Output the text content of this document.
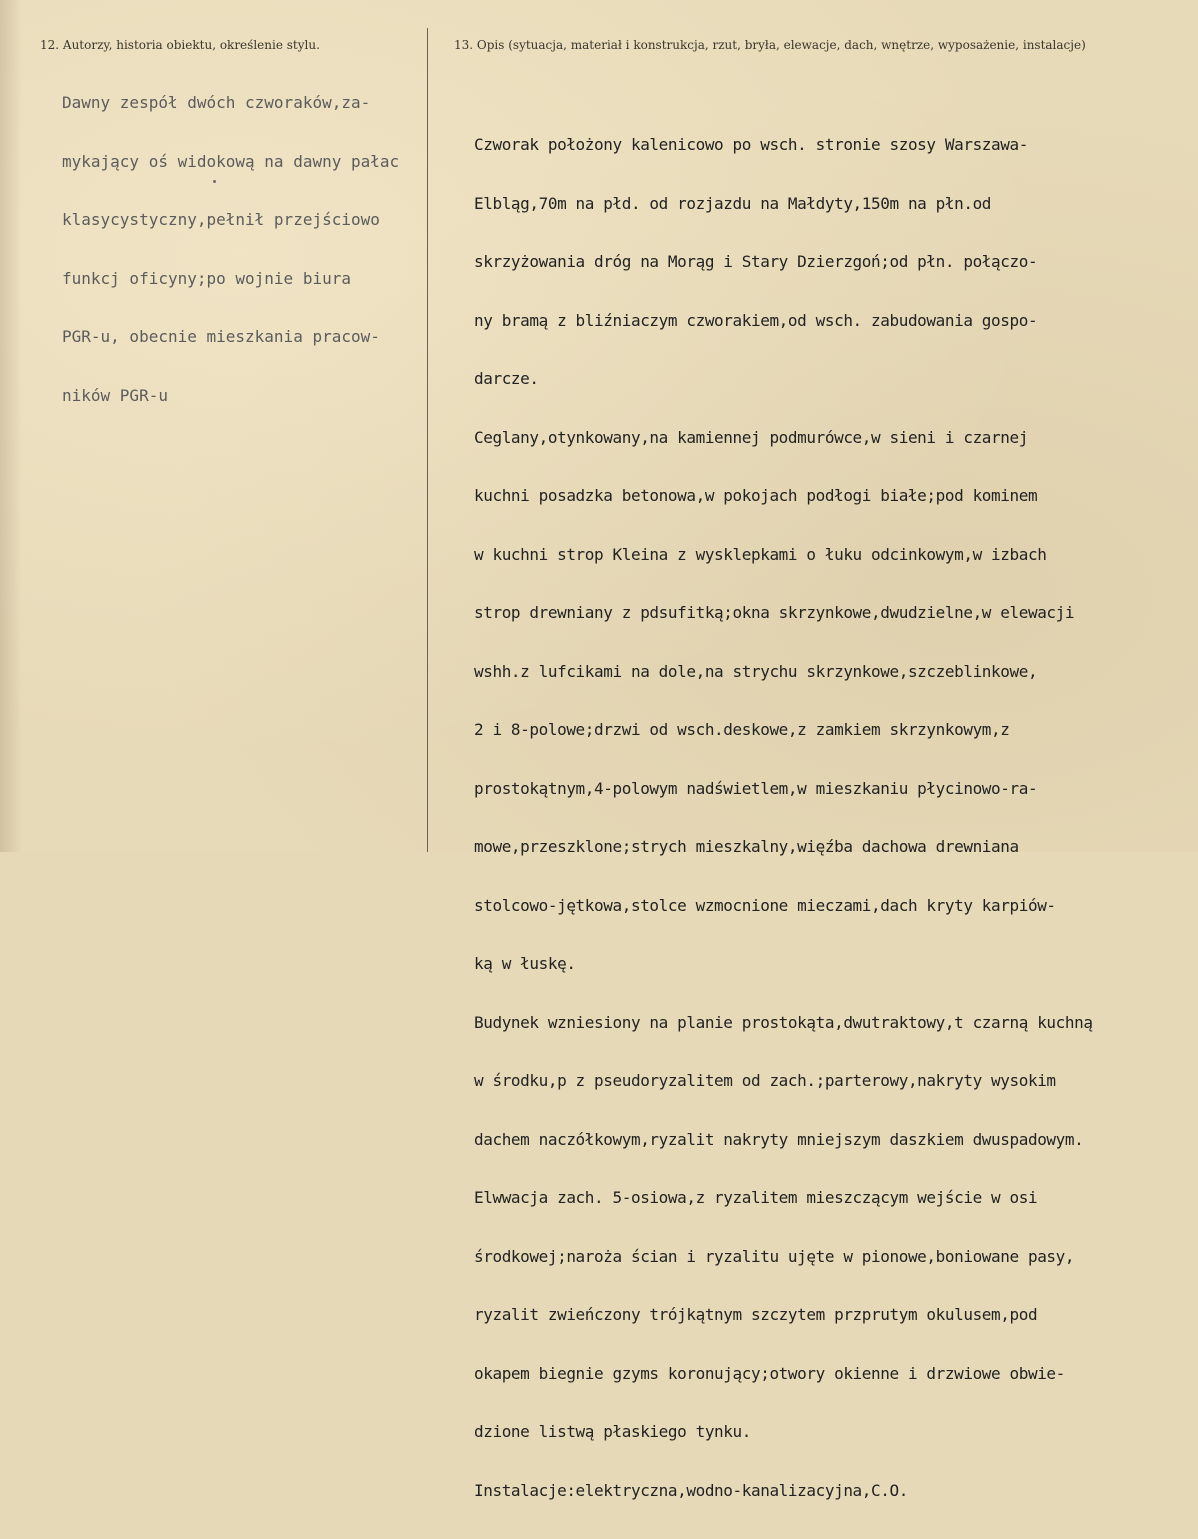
12. Autorzy, historia obiektu, określenie stylu.	13. Opis (sytuacja, materiał i konstrukcja, rzut, bryła, elewacje, dach, wnętrze, wyposażenie, instalacje)

Dawny zespół dwóch czworaków,za-

mykający oś widokową na dawny pałac

klasycystyczny,pełnił przejściowo

funkcj oficyny;po wojnie biura

PGR-u, obecnie mieszkania pracow-

ników PGR-u

Czworak położony kalenicowo po wsch. stronie szosy Warszawa-

Elbląg,70m na płd. od rozjazdu na Małdyty,150m na płn.od

skrzyżowania dróg na Morąg i Stary Dzierzgoń;od płn. połączo-

ny bramą z bliźniaczym czworakiem,od wsch. zabudowania gospo-

darcze.

Ceglany,otynkowany,na kamiennej podmurówce,w sieni i czarnej

kuchni posadzka betonowa,w pokojach podłogi białe;pod kominem

w kuchni strop Kleina z wysklepkami o łuku odcinkowym,w izbach

strop drewniany z pdsufitką;okna skrzynkowe,dwudzielne,w elewacji

wshh.z lufcikami na dole,na strychu skrzynkowe,szczeblinkowe,

2 i 8-polowe;drzwi od wsch.deskowe,z zamkiem skrzynkowym,z

prostokątnym,4-polowym nadświetlem,w mieszkaniu płycinowo-ra-

mowe,przeszklone;strych mieszkalny,więźba dachowa drewniana

stolcowo-jętkowa,stolce wzmocnione mieczami,dach kryty karpiów-

ką w łuskę.

Budynek wzniesiony na planie prostokąta,dwutraktowy,t czarną kuchną

w środku,p z pseudoryzalitem od zach.;parterowy,nakryty wysokim

dachem naczółkowym,ryzalit nakryty mniejszym daszkiem dwuspadowym.

Elwwacja zach. 5-osiowa,z ryzalitem mieszczącym wejście w osi

środkowej;naroża ścian i ryzalitu ujęte w pionowe,boniowane pasy,

ryzalit zwieńczony trójkątnym szczytem przprutym okulusem,pod

okapem biegnie gzyms koronujący;otwory okienne i drzwiowe obwie-

dzione listwą płaskiego tynku.

Instalacje:elektryczna,wodno-kanalizacyjna,C.O.
